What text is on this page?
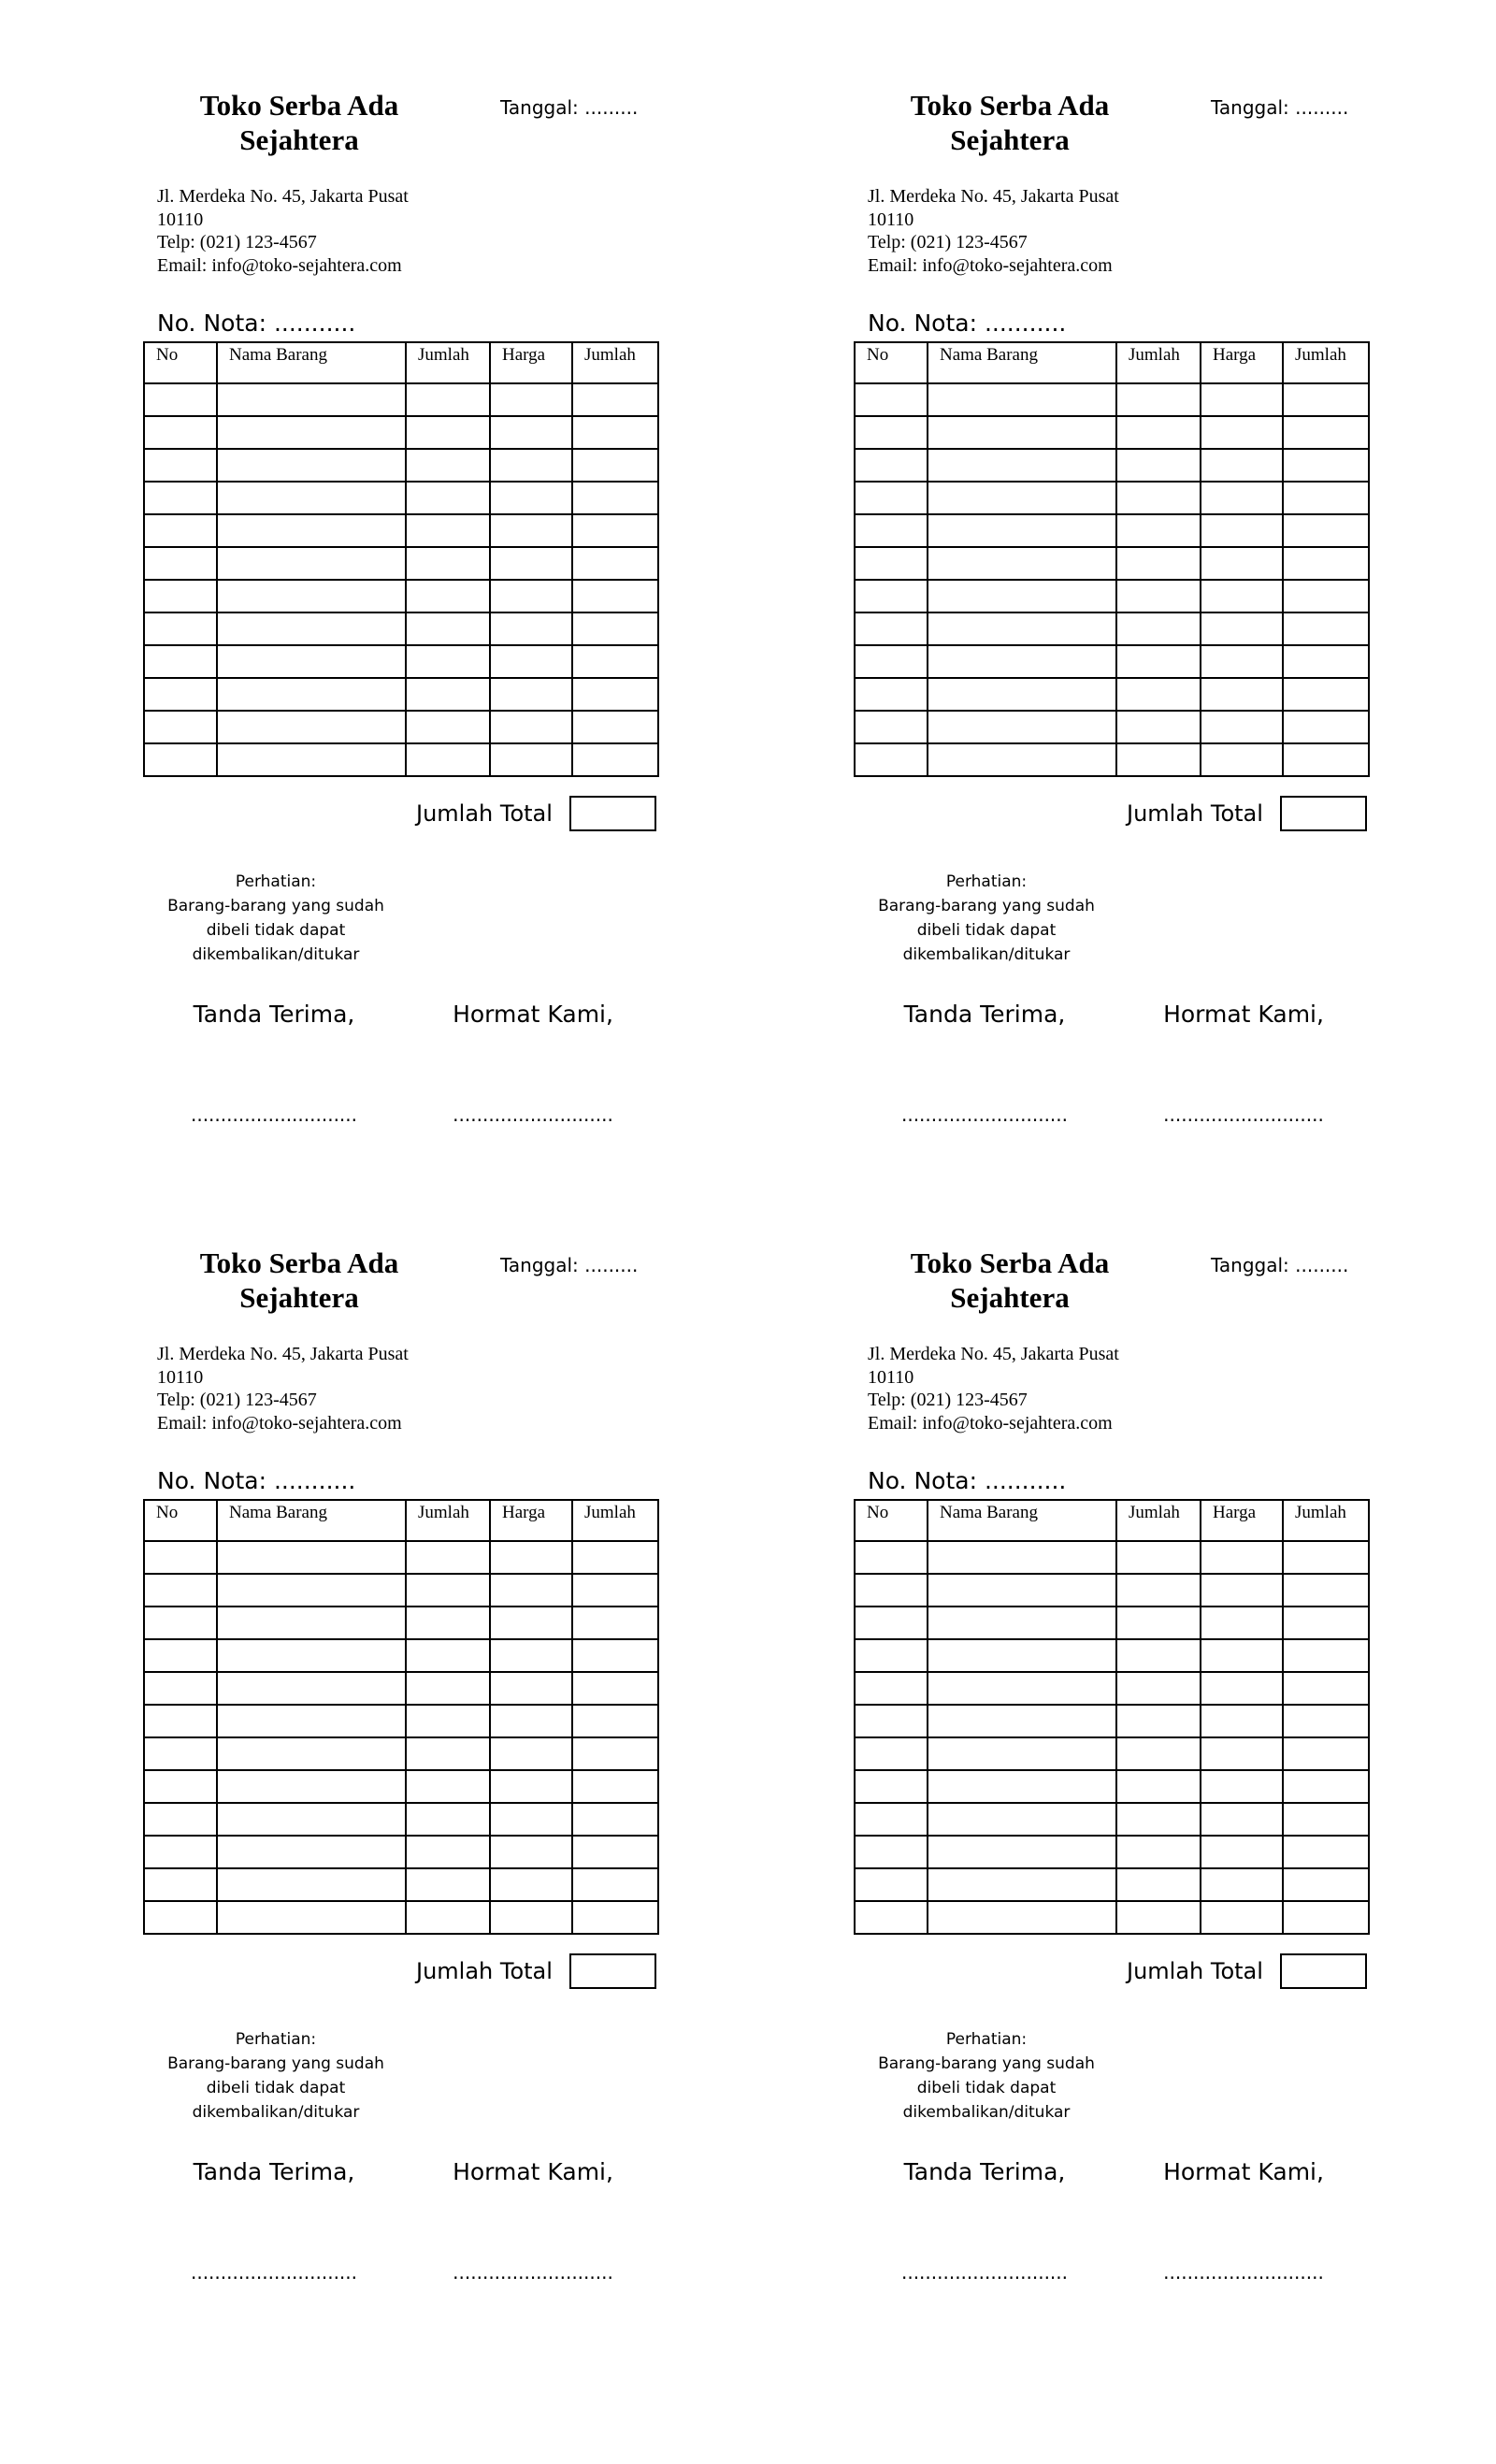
Toko Serba Ada
Sejahtera
Tanggal: .........
Jl. Merdeka No. 45, Jakarta Pusat
10110
Telp: (021) 123-4567
Email: info@toko-sejahtera.com
No. Nota: ...........
No	Nama Barang	Jumlah	Harga	Jumlah

Jumlah Total
Perhatian:
Barang-barang yang sudah
dibeli tidak dapat
dikembalikan/ditukar
Tanda Terima,	Hormat Kami,
............................	...........................
Toko Serba Ada
Sejahtera
Tanggal: .........
Jl. Merdeka No. 45, Jakarta Pusat
10110
Telp: (021) 123-4567
Email: info@toko-sejahtera.com
No. Nota: ...........
No	Nama Barang	Jumlah	Harga	Jumlah

Jumlah Total
Perhatian:
Barang-barang yang sudah
dibeli tidak dapat
dikembalikan/ditukar
Tanda Terima,	Hormat Kami,
............................	...........................
Toko Serba Ada
Sejahtera
Tanggal: .........
Jl. Merdeka No. 45, Jakarta Pusat
10110
Telp: (021) 123-4567
Email: info@toko-sejahtera.com
No. Nota: ...........
No	Nama Barang	Jumlah	Harga	Jumlah

Jumlah Total
Perhatian:
Barang-barang yang sudah
dibeli tidak dapat
dikembalikan/ditukar
Tanda Terima,	Hormat Kami,
............................	...........................
Toko Serba Ada
Sejahtera
Tanggal: .........
Jl. Merdeka No. 45, Jakarta Pusat
10110
Telp: (021) 123-4567
Email: info@toko-sejahtera.com
No. Nota: ...........
No	Nama Barang	Jumlah	Harga	Jumlah

Jumlah Total
Perhatian:
Barang-barang yang sudah
dibeli tidak dapat
dikembalikan/ditukar
Tanda Terima,	Hormat Kami,
............................	...........................
